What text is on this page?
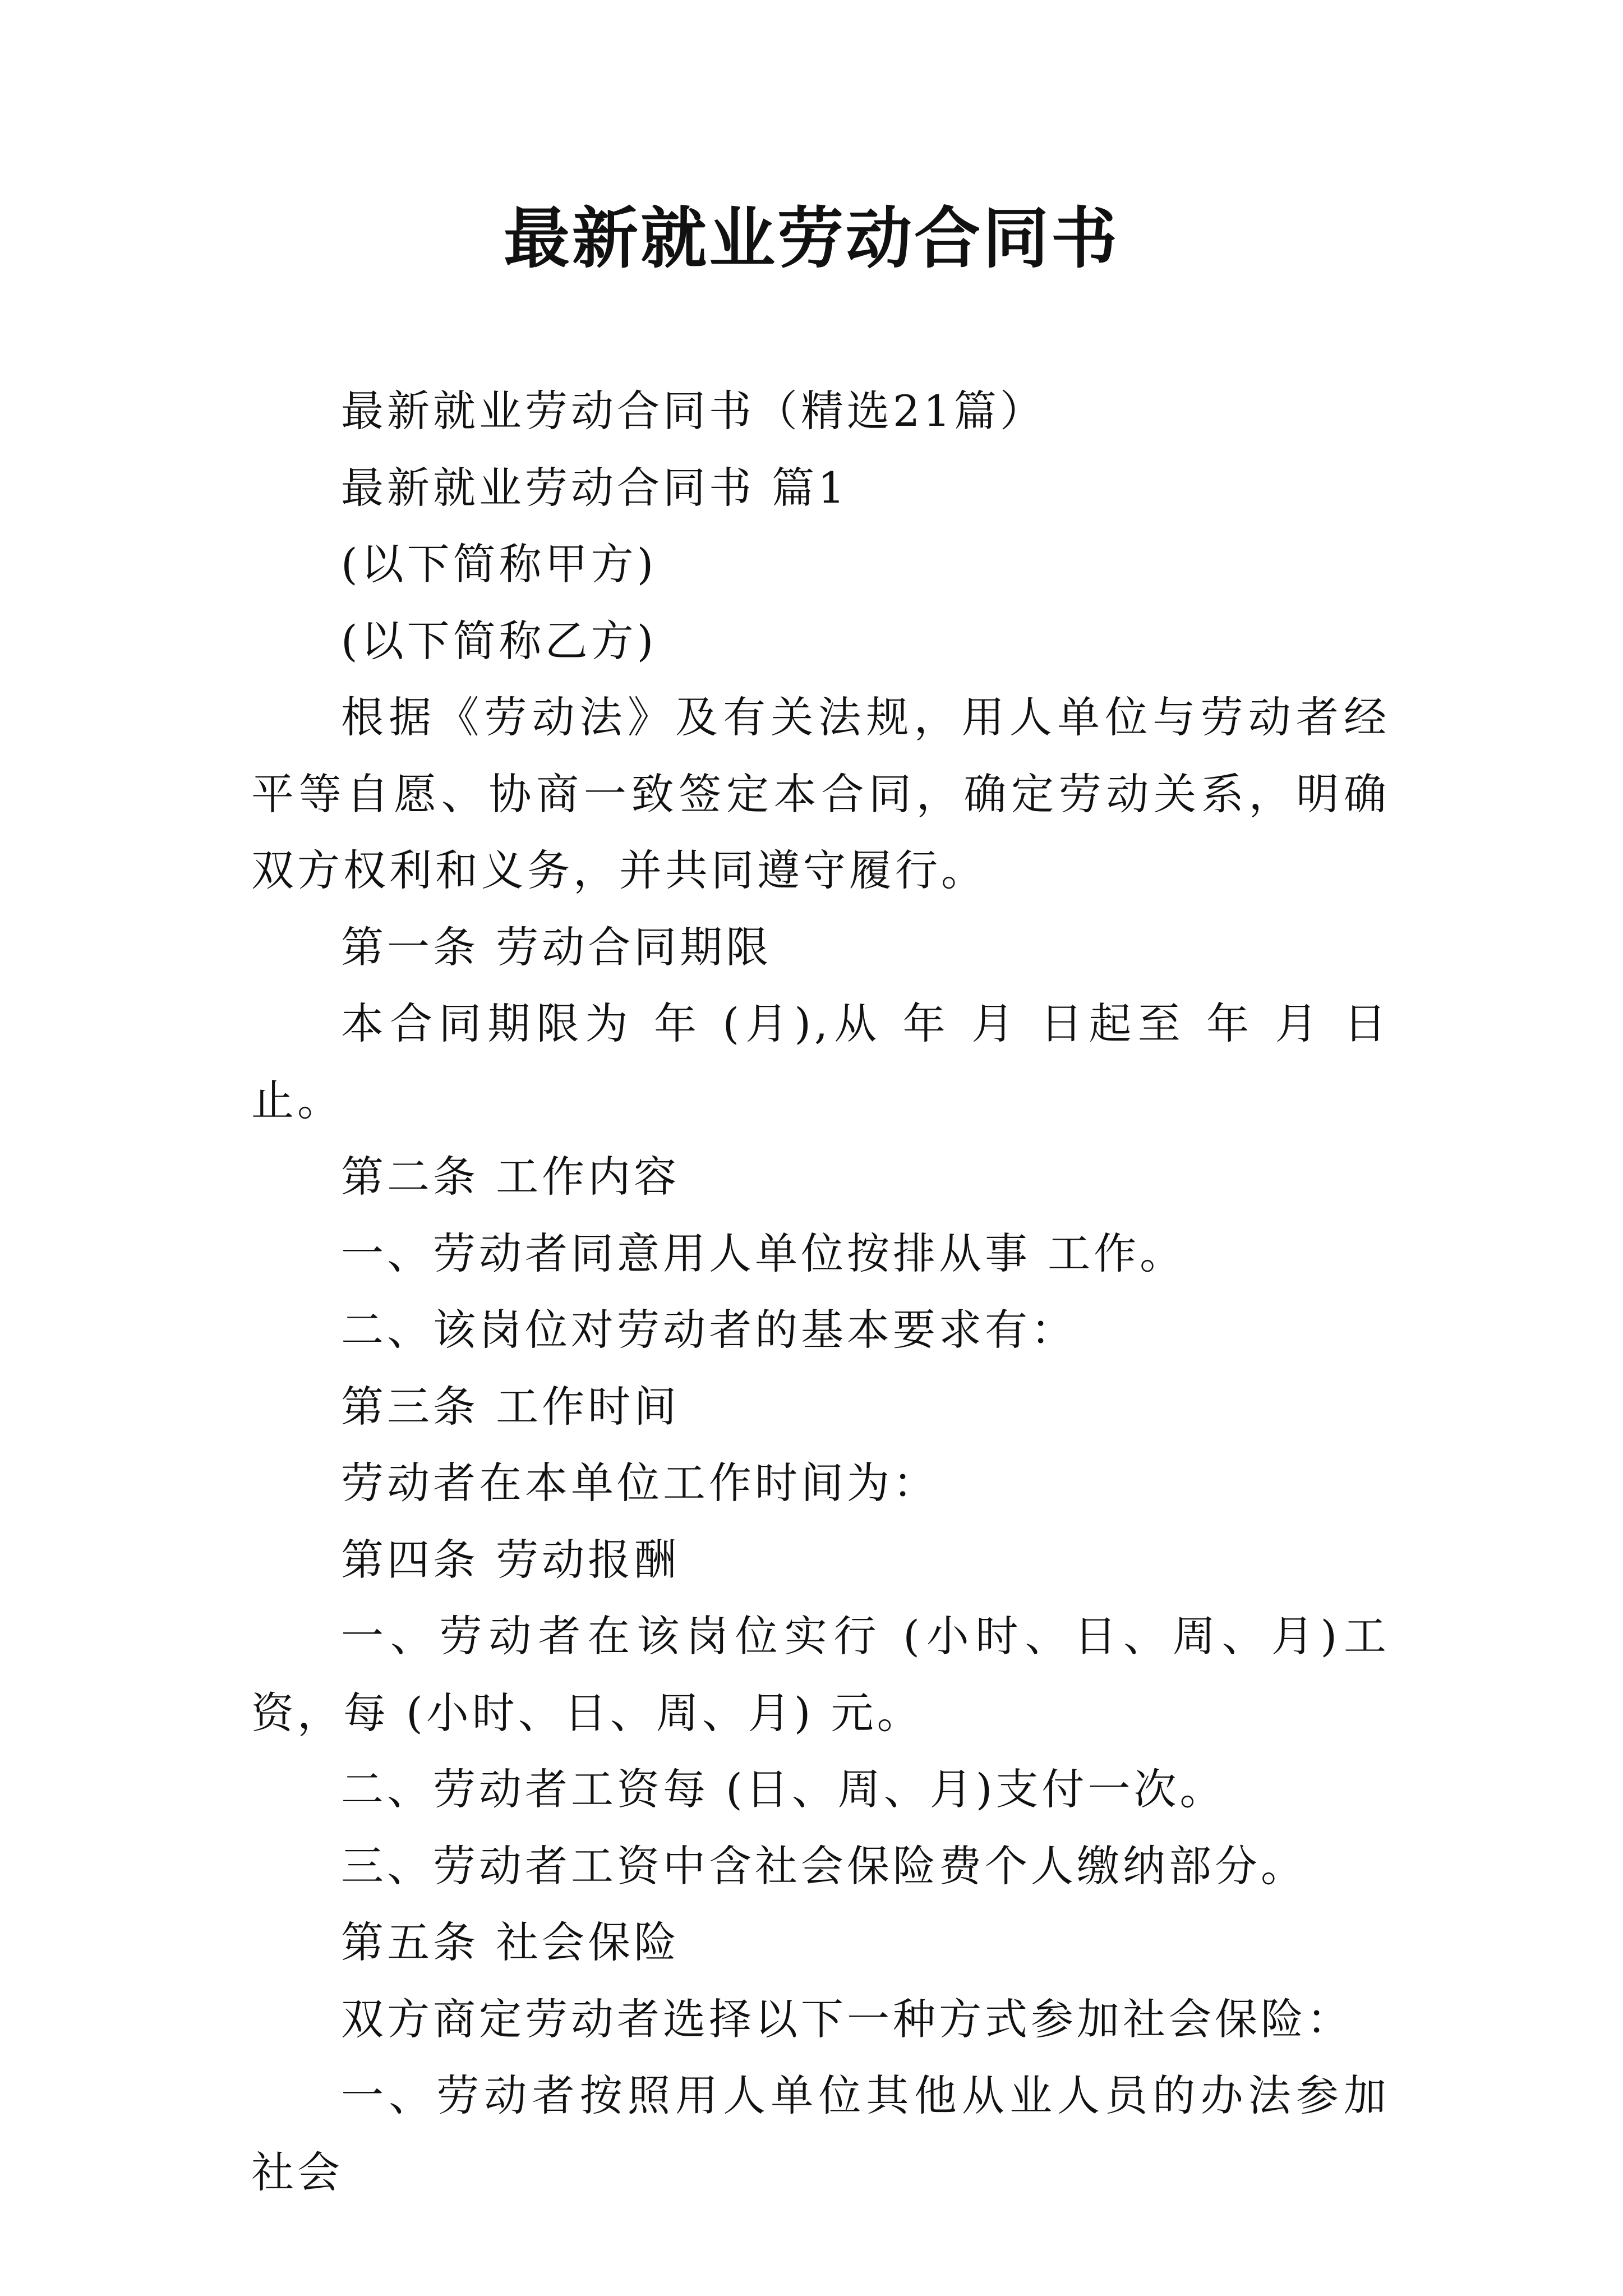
最新就业劳动合同书

最新就业劳动合同书（精选21篇）

最新就业劳动合同书 篇1

(以下简称甲方)

(以下简称乙方)

根据《劳动法》及有关法规，用人单位与劳动者经平等自愿、协商一致签定本合同，确定劳动关系，明确双方权利和义务，并共同遵守履行。

第一条 劳动合同期限

本合同期限为 年 (月),从 年 月 日起至 年 月 日止。

第二条 工作内容

一、劳动者同意用人单位按排从事 工作。

二、该岗位对劳动者的基本要求有：

第三条 工作时间

劳动者在本单位工作时间为：

第四条 劳动报酬

一、劳动者在该岗位实行 (小时、日、周、月)工资，每 (小时、日、周、月) 元。

二、劳动者工资每 (日、周、月)支付一次。

三、劳动者工资中含社会保险费个人缴纳部分。

第五条 社会保险

双方商定劳动者选择以下一种方式参加社会保险：

一、劳动者按照用人单位其他从业人员的办法参加社会
